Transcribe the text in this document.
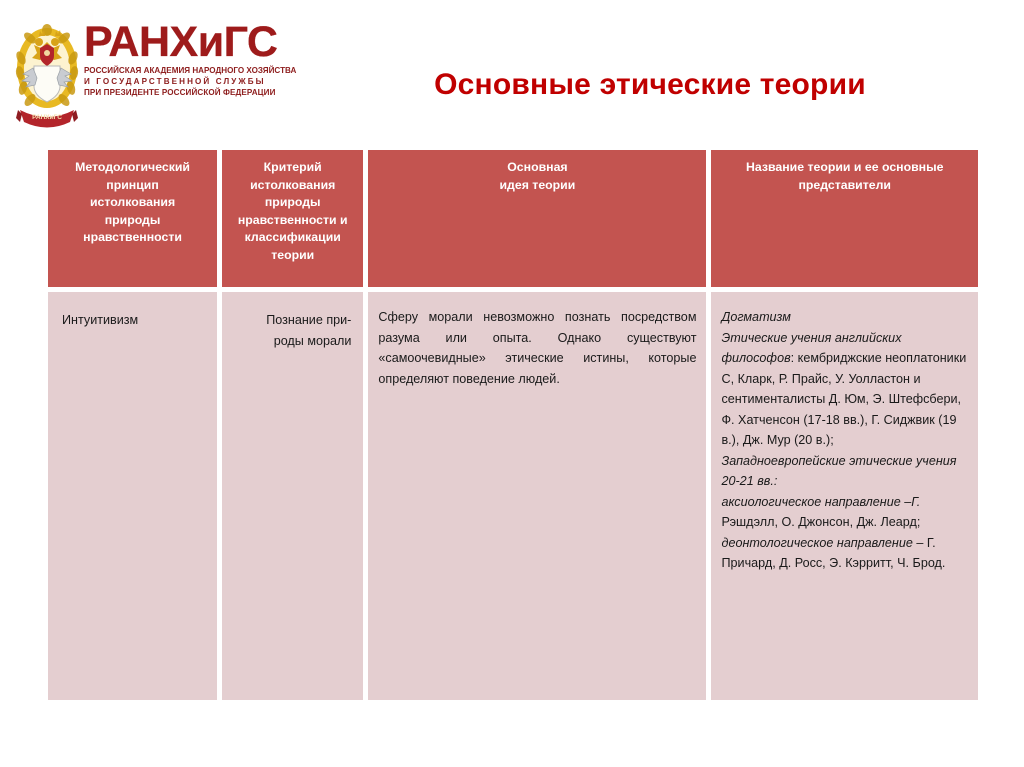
РАНХиГС
РАНХиГС
РОССИЙСКАЯ АКАДЕМИЯ НАРОДНОГО ХОЗЯЙСТВА
И ГОСУДАРСТВЕННОЙ СЛУЖБЫ
ПРИ ПРЕЗИДЕНТЕ РОССИЙСКОЙ ФЕДЕРАЦИИ	Основные этические теории
Методологический
принцип
истолкования
природы
нравственности
Критерий
истолкования
природы
нравственности и
классификации
теории
Основная
идея теории
Название теории и ее основные
представители
Интуитивизм	Познание при-
роды морали

Сферу морали невозможно познать посредством разума или опыта. Однако существуют «самоочевидные» этические истины, которые определяют поведение людей.

Догматизм
Этические учения английских философов: кембриджские неоплатоники С, Кларк, Р. Прайс, У. Уолластон и сентименталисты Д. Юм, Э. Штефсбери, Ф. Хатченсон (17-18 вв.), Г. Сиджвик (19 в.), Дж. Мур (20 в.);
Западноевропейские этические учения 20-21 вв.:
аксиологическое направление –Г. Рэшдэлл, О. Джонсон, Дж. Леард;
деонтологическое направление – Г. Причард, Д. Росс, Э. Кэрритт, Ч. Брод.
